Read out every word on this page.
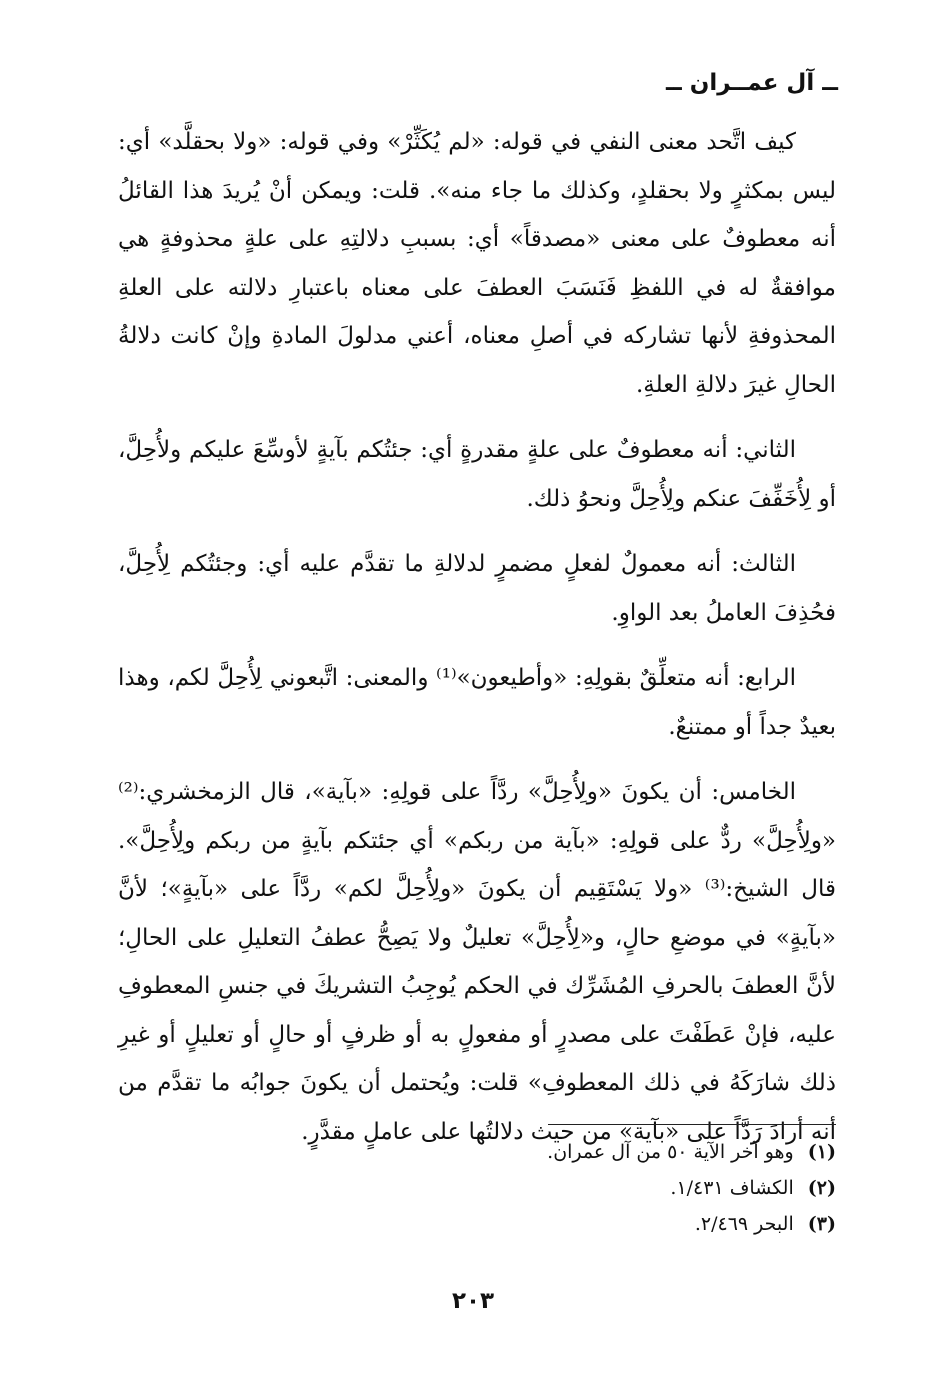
ــ آل عمــران ــ

كيف اتَّحد معنى النفي في قوله: «لم يُكَثِّرْ» وفي قوله: «ولا بحقلَّد» أي: ليس بمكثرٍ ولا بحقلدٍ، وكذلك ما جاء منه». قلت: ويمكن أنْ يُريدَ هذا القائلُ أنه معطوفٌ على معنى «مصدقاً» أي: بسببِ دلالتِهِ على علةٍ محذوفةٍ هي موافقةٌ له في اللفظِ فَنَسَبَ العطفَ على معناه باعتبارِ دلالته على العلةِ المحذوفةِ لأنها تشاركه في أصلِ معناه، أعني مدلولَ المادةِ وإنْ كانت دلالةُ الحالِ غيرَ دلالةِ العلةِ.

الثاني: أنه معطوفٌ على علةٍ مقدرةٍ أي: جئتُكم بآيةٍ لأوسِّعَ عليكم ولأُحِلَّ، أو لِأُخَفِّفَ عنكم ولِأُحِلَّ ونحوُ ذلك.

الثالث: أنه معمولٌ لفعلٍ مضمرٍ لدلالةِ ما تقدَّم عليه أي: وجئتُكم لِأُحِلَّ، فحُذِفَ العاملُ بعد الواوِ.

الرابع: أنه متعلِّقٌ بقولِهِ: «وأطيعون»⁽¹⁾ والمعنى: اتَّبعوني لِأُحِلَّ لكم، وهذا بعيدٌ جداً أو ممتنعٌ.

الخامس: أن يكونَ «ولِأُحِلَّ» ردَّاً على قولِهِ: «بآية»، قال الزمخشري:⁽²⁾ «ولِأُحِلَّ» ردٌّ على قولِهِ: «بآية من ربكم» أي جئتكم بآيةٍ من ربكم ولِأُحِلَّ». قال الشيخ:⁽³⁾ «ولا يَسْتَقِيم أن يكونَ «ولِأُحِلَّ لكم» ردَّاً على «بآيةٍ»؛ لأنَّ «بآيةٍ» في موضعِ حالٍ، و«لِأُحِلَّ» تعليلٌ ولا يَصِحُّ عطفُ التعليلِ على الحالِ؛ لأنَّ العطفَ بالحرفِ المُشَرِّك في الحكم يُوجِبُ التشريكَ في جنسِ المعطوفِ عليه، فإنْ عَطَفْتَ على مصدرٍ أو مفعولٍ به أو ظرفٍ أو حالٍ أو تعليلٍ أو غيرِ ذلك شارَكَهُ في ذلك المعطوفِ» قلت: ويُحتمل أن يكونَ جوابُه ما تقدَّم من أنه أرادَ رَدَّاً على «بآية» من حيث دلالتُها على عاملٍ مقدَّرٍ.

(١) وهو آخر الآية ٥٠ من آل عمران.
(٢) الكشاف ١/٤٣١.
(٣) البحر ٢/٤٦٩.
٢٠٣
